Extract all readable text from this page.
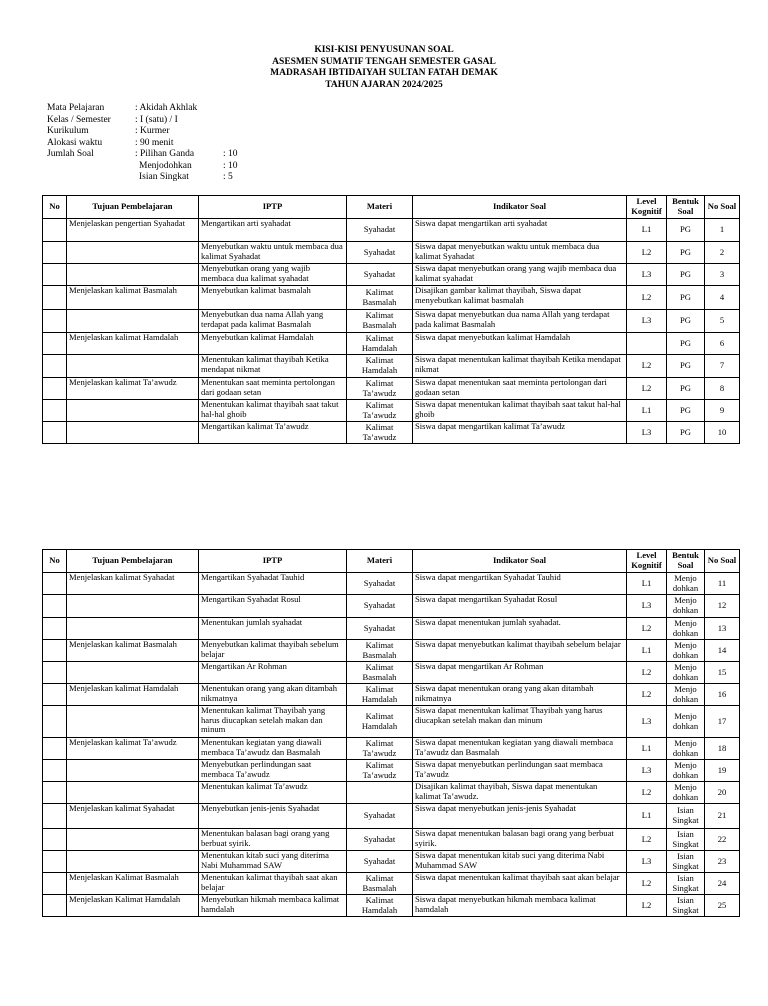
KISI-KISI PENYUSUNAN SOAL
ASESMEN SUMATIF TENGAH SEMESTER GASAL
MADRASAH IBTIDAIYAH SULTAN FATAH DEMAK
TAHUN AJARAN 2024/2025
Mata Pelajaran	: Akidah Akhlak
Kelas / Semester	: I (satu) / I
Kurikulum	: Kurmer
Alokasi waktu	: 90 menit
Jumlah Soal	: Pilihan Ganda	: 10
Menjodohkan	: 10
Isian Singkat	: 5
No	Tujuan Pembelajaran	IPTP	Materi	Indikator Soal	Level Kognitif	Bentuk Soal	No Soal
	Menjelaskan pengertian Syahadat	Mengartikan arti syahadat	Syahadat	Siswa dapat mengartikan arti syahadat	L1	PG	1
		Menyebutkan waktu untuk membaca dua kalimat Syahadat	Syahadat	Siswa dapat menyebutkan waktu untuk membaca dua kalimat Syahadat	L2	PG	2
		Menyebutkan orang yang wajib membaca dua kalimat syahadat	Syahadat	Siswa dapat menyebutkan orang yang wajib membaca dua kalimat syahadat	L3	PG	3
	Menjelaskan kalimat Basmalah	Menyebutkan kalimat basmalah	Kalimat Basmalah	Disajikan gambar kalimat thayibah, Siswa dapat menyebutkan kalimat basmalah	L2	PG	4
		Menyebutkan dua nama Allah yang terdapat pada kalimat Basmalah	Kalimat Basmalah	Siswa dapat menyebutkan dua nama Allah yang terdapat pada kalimat Basmalah	L3	PG	5
	Menjelaskan kalimat Hamdalah	Menyebutkan kalimat Hamdalah	Kalimat Hamdalah	Siswa dapat menyebutkan kalimat Hamdalah		PG	6
		Menentukan kalimat thayibah Ketika mendapat nikmat	Kalimat Hamdalah	Siswa dapat menentukan kalimat thayibah Ketika mendapat nikmat	L2	PG	7
	Menjelaskan kalimat Ta’awudz	Menentukan saat meminta pertolongan dari godaan setan	Kalimat Ta’awudz	Siswa dapat menentukan saat meminta pertolongan dari godaan setan	L2	PG	8
		Menentukan kalimat thayibah saat takut hal-hal ghoib	Kalimat Ta’awudz	Siswa dapat menentukan kalimat thayibah saat takut hal-hal ghoib	L1	PG	9
		Mengartikan kalimat Ta’awudz	Kalimat Ta’awudz	Siswa dapat mengartikan kalimat Ta’awudz	L3	PG	10
No	Tujuan Pembelajaran	IPTP	Materi	Indikator Soal	Level Kognitif	Bentuk Soal	No Soal
	Menjelaskan kalimat Syahadat	Mengartikan Syahadat Tauhid	Syahadat	Siswa dapat mengartikan Syahadat Tauhid	L1	Menjo dohkan	11
		Mengartikan Syahadat Rosul	Syahadat	Siswa dapat mengartikan Syahadat Rosul	L3	Menjo dohkan	12
		Menentukan jumlah syahadat	Syahadat	Siswa dapat menentukan jumlah syahadat.	L2	Menjo dohkan	13
	Menjelaskan kalimat Basmalah	Menyebutkan kalimat thayibah sebelum belajar	Kalimat Basmalah	Siswa dapat menyebutkan kalimat thayibah sebelum belajar	L1	Menjo dohkan	14
		Mengartikan Ar Rohman	Kalimat Basmalah	Siswa dapat mengartikan Ar Rohman	L2	Menjo dohkan	15
	Menjelaskan kalimat Hamdalah	Menentukan orang yang akan ditambah nikmatnya	Kalimat Hamdalah	Siswa dapat menentukan orang yang akan ditambah nikmatnya	L2	Menjo dohkan	16
		Menentukan kalimat Thayibah yang harus diucapkan setelah makan dan minum	Kalimat Hamdalah	Siswa dapat menentukan kalimat Thayibah yang harus diucapkan setelah makan dan minum	L3	Menjo dohkan	17
	Menjelaskan kalimat Ta’awudz	Menentukan kegiatan yang diawali membaca Ta’awudz dan Basmalah	Kalimat Ta’awudz	Siswa dapat menentukan kegiatan yang diawali membaca Ta’awudz dan Basmalah	L1	Menjo dohkan	18
		Menyebutkan perlindungan saat membaca Ta’awudz	Kalimat Ta’awudz	Siswa dapat menyebutkan perlindungan saat membaca Ta’awudz	L3	Menjo dohkan	19
		Menentukan kalimat Ta’awudz		Disajikan kalimat thayibah, Siswa dapat menentukan kalimat Ta’awudz.	L2	Menjo dohkan	20
	Menjelaskan kalimat Syahadat	Menyebutkan jenis-jenis Syahadat	Syahadat	Siswa dapat menyebutkan jenis-jenis Syahadat	L1	Isian Singkat	21
		Menentukan balasan bagi orang yang berbuat syirik.	Syahadat	Siswa dapat menentukan balasan bagi orang yang berbuat syirik.	L2	Isian Singkat	22
		Menentukan kitab suci yang diterima Nabi Muhammad SAW	Syahadat	Siswa dapat menentukan kitab suci yang diterima Nabi Muhammad SAW	L3	Isian Singkat	23
	Menjelaskan Kalimat Basmalah	Menentukan kalimat thayibah saat akan belajar	Kalimat Basmalah	Siswa dapat menentukan kalimat thayibah saat akan belajar	L2	Isian Singkat	24
	Menjelaskan Kalimat Hamdalah	Menyebutkan hikmah membaca kalimat hamdalah	Kalimat Hamdalah	Siswa dapat menyebutkan hikmah membaca kalimat hamdalah	L2	Isian Singkat	25
